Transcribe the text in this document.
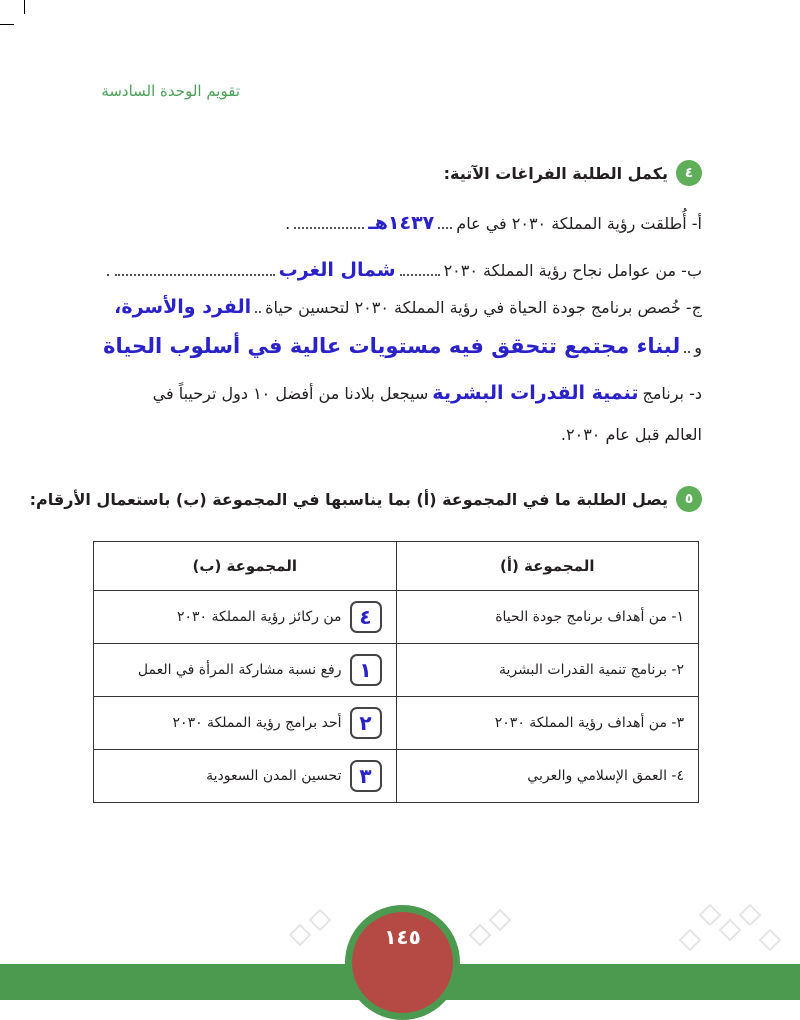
تقويم الوحدة السادسة
٤
يكمل الطلبة الفراغات الآتية:
أ- أُطلقت رؤية المملكة ٢٠٣٠ في عام
١٤٣٧هـ
.
ب- من عوامل نجاح رؤية المملكة ٢٠٣٠
شمال الغرب
.
ج- خُصص برنامج جودة الحياة في رؤية المملكة ٢٠٣٠ لتحسين حياة
الفرد والأسرة،
و
لبناء مجتمع تتحقق فيه مستويات عالية في أسلوب الحياة
د- برنامج
تنمية القدرات البشرية
سيجعل بلادنا من أفضل ١٠ دول ترحيباً في
العالم قبل عام ٢٠٣٠.
٥
يصل الطلبة ما في المجموعة (أ) بما يناسبها في المجموعة (ب) باستعمال الأرقام:
المجموعة (أ)	المجموعة (ب)
١- من أهداف برنامج جودة الحياة	٤من ركائز رؤية المملكة ٢٠٣٠
٢- برنامج تنمية القدرات البشرية	١رفع نسبة مشاركة المرأة في العمل
٣- من أهداف رؤية المملكة ٢٠٣٠	٢أحد برامج رؤية المملكة ٢٠٣٠
٤- العمق الإسلامي والعربي	٣تحسين المدن السعودية
١٤٥
